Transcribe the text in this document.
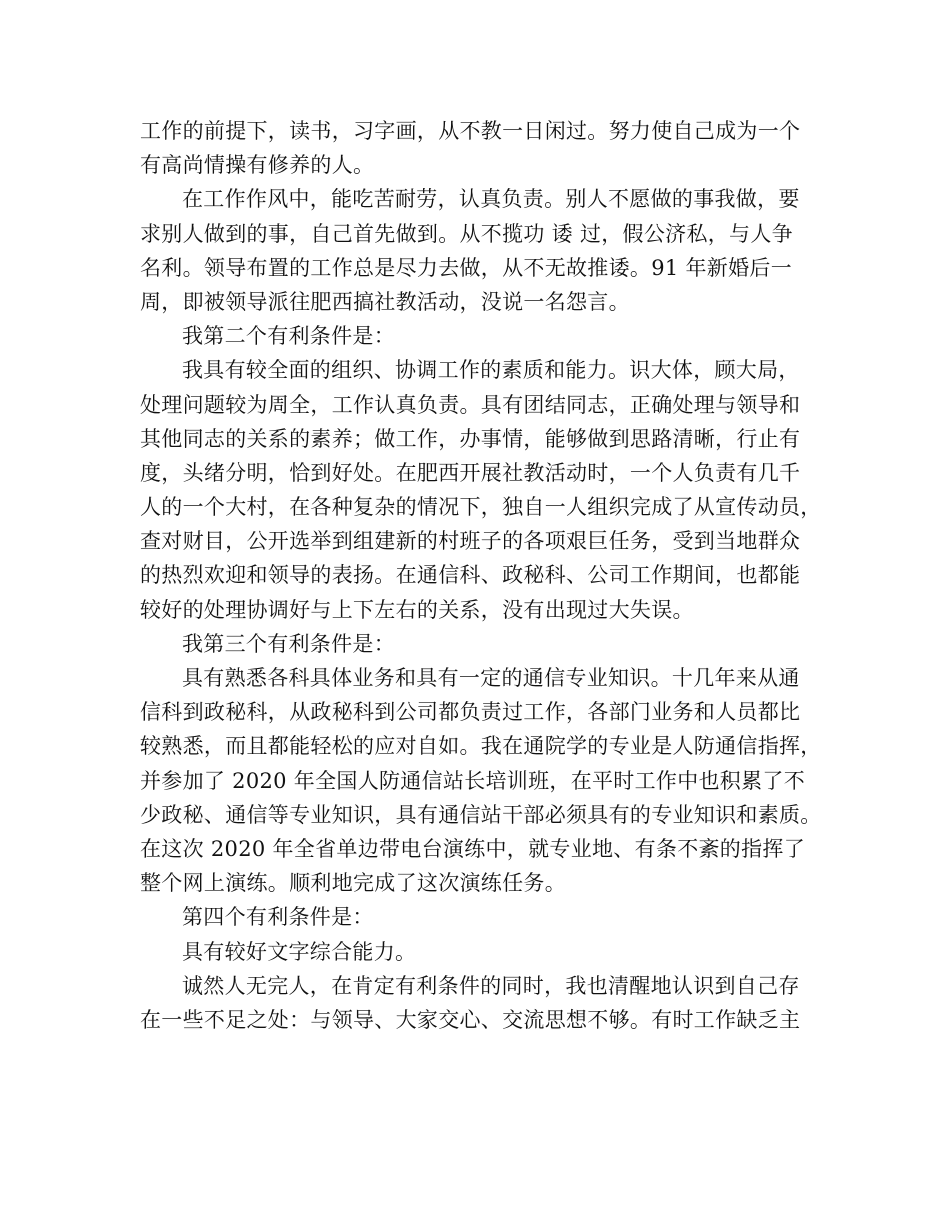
工作的前提下，读书，习字画，从不教一日闲过。努力使自己成为一个
有高尚情操有修养的人。
在工作作风中，能吃苦耐劳，认真负责。别人不愿做的事我做，要
求别人做到的事，自己首先做到。从不揽功 诿 过，假公济私，与人争
名利。领导布置的工作总是尽力去做，从不无故推诿。91 年新婚后一
周，即被领导派往肥西搞社教活动，没说一名怨言。
我第二个有利条件是：
我具有较全面的组织、协调工作的素质和能力。识大体，顾大局，
处理问题较为周全，工作认真负责。具有团结同志，正确处理与领导和
其他同志的关系的素养；做工作，办事情，能够做到思路清晰，行止有
度，头绪分明，恰到好处。在肥西开展社教活动时，一个人负责有几千
人的一个大村，在各种复杂的情况下，独自一人组织完成了从宣传动员，
查对财目，公开选举到组建新的村班子的各项艰巨任务，受到当地群众
的热烈欢迎和领导的表扬。在通信科、政秘科、公司工作期间，也都能
较好的处理协调好与上下左右的关系，没有出现过大失误。
我第三个有利条件是：
具有熟悉各科具体业务和具有一定的通信专业知识。十几年来从通
信科到政秘科，从政秘科到公司都负责过工作，各部门业务和人员都比
较熟悉，而且都能轻松的应对自如。我在通院学的专业是人防通信指挥，
并参加了 2020 年全国人防通信站长培训班，在平时工作中也积累了不
少政秘、通信等专业知识，具有通信站干部必须具有的专业知识和素质。
在这次 2020 年全省单边带电台演练中，就专业地、有条不紊的指挥了
整个网上演练。顺利地完成了这次演练任务。
第四个有利条件是：
具有较好文字综合能力。
诚然人无完人，在肯定有利条件的同时，我也清醒地认识到自己存
在一些不足之处：与领导、大家交心、交流思想不够。有时工作缺乏主
